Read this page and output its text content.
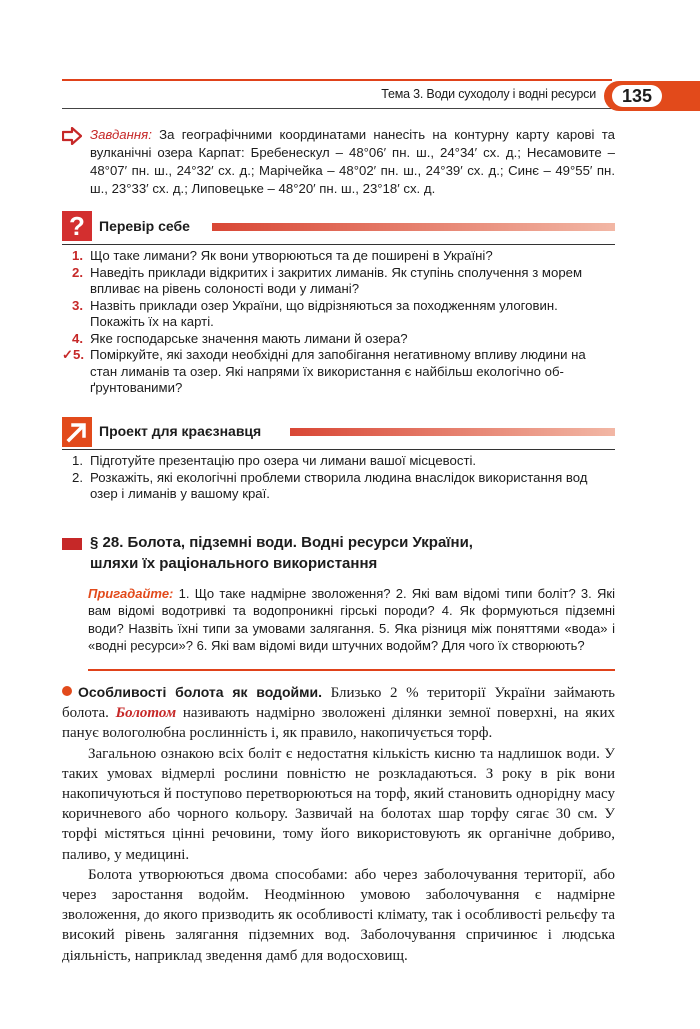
Тема 3. Води суходолу і водні ресурси	135
Завдання: За географічними координатами нанесіть на контурну карту карові та вулканічні озера Карпат: Бребенескул – 48°06′ пн. ш., 24°34′ сх. д.; Несамовите – 48°07′ пн. ш., 24°32′ сх. д.; Марічейка – 48°02′ пн. ш., 24°39′ сх. д.; Синє – 49°55′ пн. ш., 23°33′ сх. д.; Липовецьке – 48°20′ пн. ш., 23°18′ сх. д.
?	Перевір себе
1. Що таке лимани? Як вони утворюються та де поширені в Україні?
2. Наведіть приклади відкритих і закритих лиманів. Як ступінь сполучення з морем впливає на рівень солоності води у лимані?
3. Назвіть приклади озер України, що відрізняються за походженням улоговин. Покажіть їх на карті.
4. Яке господарське значення мають лимани й озера?
✓5. Поміркуйте, які заходи необхідні для запобігання негативному впливу людини на стан лиманів та озер. Які напрями їх використання є найбільш екологічно об-ґрунтованими?
Проект для краєзнавця
1. Підготуйте презентацію про озера чи лимани вашої місцевості.
2. Розкажіть, які екологічні проблеми створила людина внаслідок використання вод озер і лиманів у вашому краї.
§ 28. Болота, підземні води. Водні ресурси України,
шляхи їх раціонального використання
Пригадайте: 1. Що таке надмірне зволоження? 2. Які вам відомі типи боліт? 3. Які вам відомі водотривкі та водопроникні гірські породи? 4. Як формуються підземні води? Назвіть їхні типи за умовами залягання. 5. Яка різниця між поняттями «вода» і «водні ресурси»? 6. Які вам відомі види штучних водойм? Для чого їх створюють?

Особливості болота як водойми. Близько 2 % території України займають болота. Болотом називають надмірно зволожені ділянки земної поверхні, на яких панує вологолюбна рослинність і, як правило, накопичується торф.

Загальною ознакою всіх боліт є недостатня кількість кисню та надлишок води. У таких умовах відмерлі рослини повністю не розкладаються. З року в рік вони накопичуються й поступово перетворюються на торф, який становить однорідну масу коричневого або чорного кольору. Зазвичай на болотах шар торфу сягає 30 см. У торфі містяться цінні речовини, тому його використовують як органічне добриво, паливо, у медицині.

Болота утворюються двома способами: або через заболочування території, або через заростання водойм. Неодмінною умовою заболочування є надмірне зволоження, до якого призводить як особливості клімату, так і особливості рельєфу та високий рівень залягання підземних вод. Заболочування спричинює і людська діяльність, наприклад зведення дамб для водосховищ.
